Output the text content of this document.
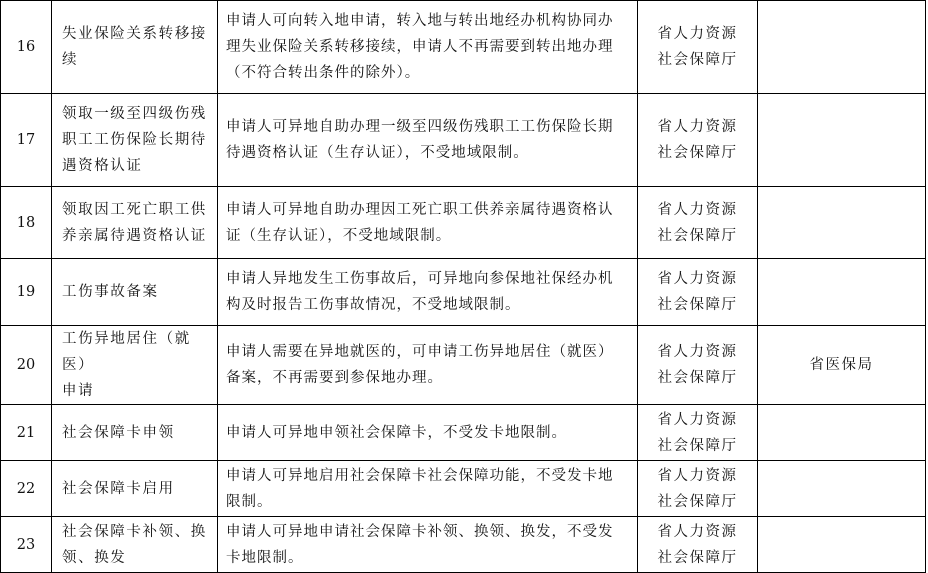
16	失业保险关系转移接
续	申请人可向转入地申请，转入地与转出地经办机构协同办
理失业保险关系转移接续，申请人不再需要到转出地办理
（不符合转出条件的除外）。	省人力资源
社会保障厅	

17	领取一级至四级伤残
职工工伤保险长期待
遇资格认证	申请人可异地自助办理一级至四级伤残职工工伤保险长期
待遇资格认证（生存认证），不受地域限制。	省人力资源
社会保障厅	

18	领取因工死亡职工供
养亲属待遇资格认证	申请人可异地自助办理因工死亡职工供养亲属待遇资格认
证（生存认证），不受地域限制。	省人力资源
社会保障厅	

19	工伤事故备案	申请人异地发生工伤事故后，可异地向参保地社保经办机
构及时报告工伤事故情况，不受地域限制。	省人力资源
社会保障厅	

20	工伤异地居住（就医）
申请	申请人需要在异地就医的，可申请工伤异地居住（就医）
备案，不再需要到参保地办理。	省人力资源
社会保障厅	省医保局
21	社会保障卡申领	申请人可异地申领社会保障卡，不受发卡地限制。	省人力资源
社会保障厅	

22	社会保障卡启用	申请人可异地启用社会保障卡社会保障功能，不受发卡地
限制。	省人力资源
社会保障厅	

23	社会保障卡补领、换
领、换发	申请人可异地申请社会保障卡补领、换领、换发，不受发
卡地限制。	省人力资源
社会保障厅	
